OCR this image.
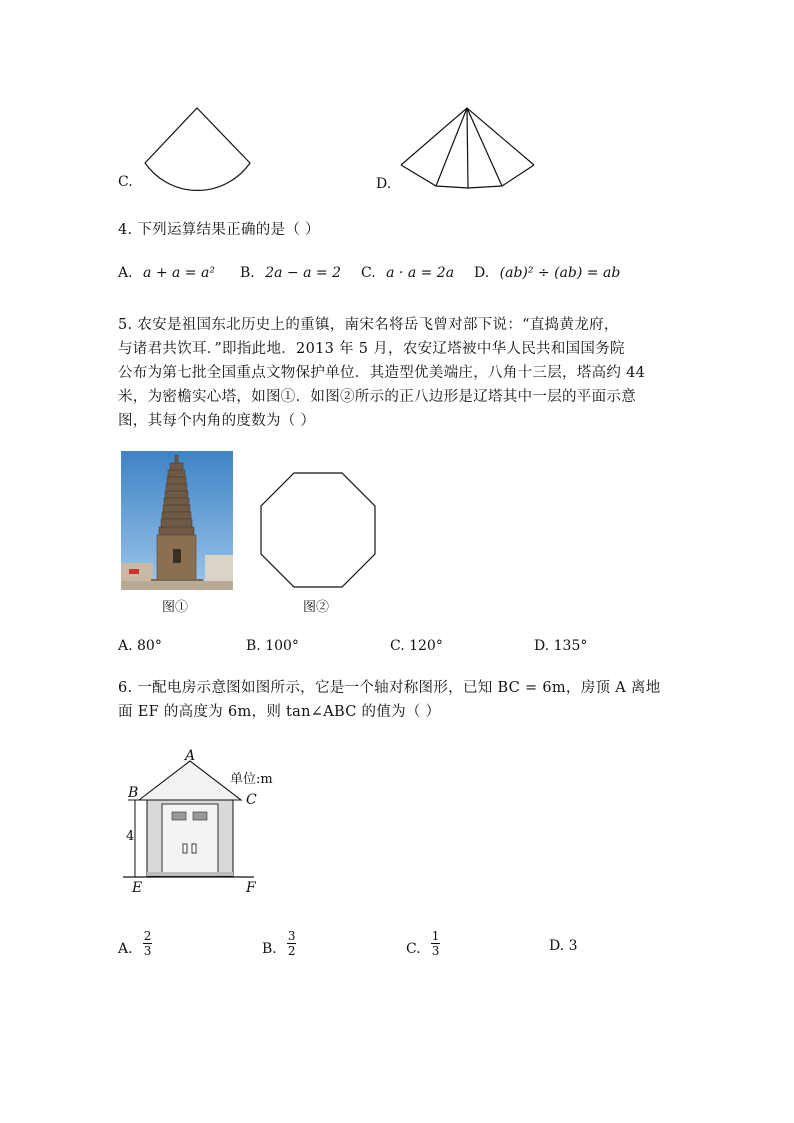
C.	D.
4. 下列运算结果正确的是（ ）
A. a + a = a² B. 2a − a = 2 C. a · a = 2a D. (ab)² ÷ (ab) = ab
5. 农安是祖国东北历史上的重镇，南宋名将岳飞曾对部下说：“直捣黄龙府，
与诸君共饮耳．”即指此地．2013 年 5 月，农安辽塔被中华人民共和国国务院
公布为第七批全国重点文物保护单位．其造型优美端庄，八角十三层，塔高约 44
米，为密檐实心塔，如图①．如图②所示的正八边形是辽塔其中一层的平面示意
图，其每个内角的度数为（ ）
图①	图②
A. 80°	B. 100°	C. 120°	D. 135°
6. 一配电房示意图如图所示，它是一个轴对称图形，已知 BC = 6m，房顶 A 离地
面 EF 的高度为 6m，则 tan∠ABC 的值为（ ）
A
单位:m
B	C
4
E	F
A. $\frac{2}{3}$	B. $\frac{3}{2}$	C. $\frac{1}{3}$	D. 3
